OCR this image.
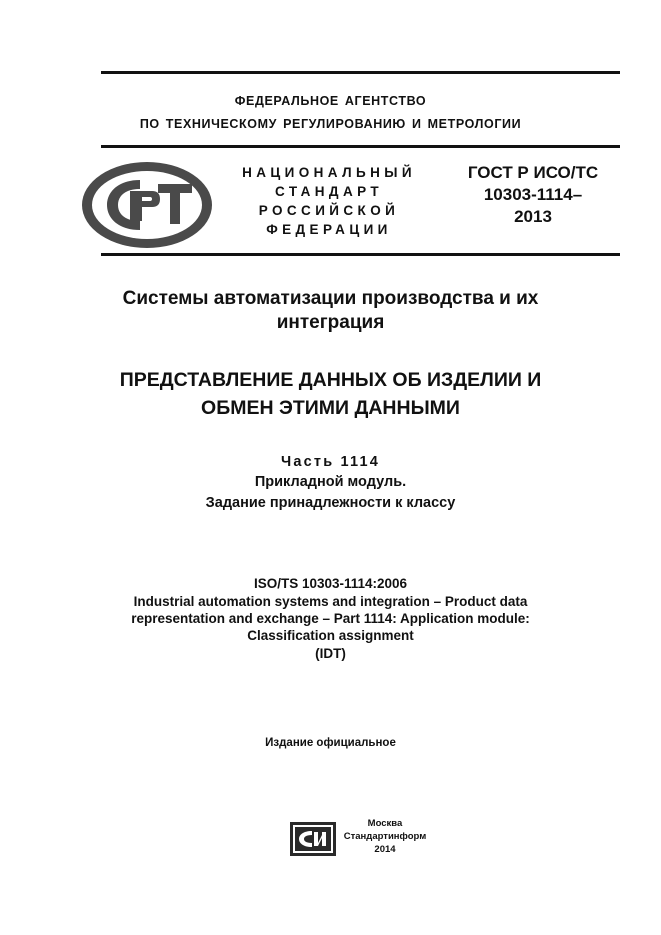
ФЕДЕРАЛЬНОЕ АГЕНТСТВО
ПО ТЕХНИЧЕСКОМУ РЕГУЛИРОВАНИЮ И МЕТРОЛОГИИ
НАЦИОНАЛЬНЫЙ
СТАНДАРТ
РОССИЙСКОЙ
ФЕДЕРАЦИИ
ГОСТ Р ИСО/ТС
10303-1114–
2013
Системы автоматизации производства и их
интеграция
ПРЕДСТАВЛЕНИЕ ДАННЫХ ОБ ИЗДЕЛИИ И
ОБМЕН ЭТИМИ ДАННЫМИ
Часть 1114
Прикладной модуль.
Задание принадлежности к классу
ISO/TS 10303-1114:2006
Industrial automation systems and integration – Product data
representation and exchange – Part 1114: Application module:
Classification assignment
(IDT)
Издание официальное
Москва
Стандартинформ
2014
